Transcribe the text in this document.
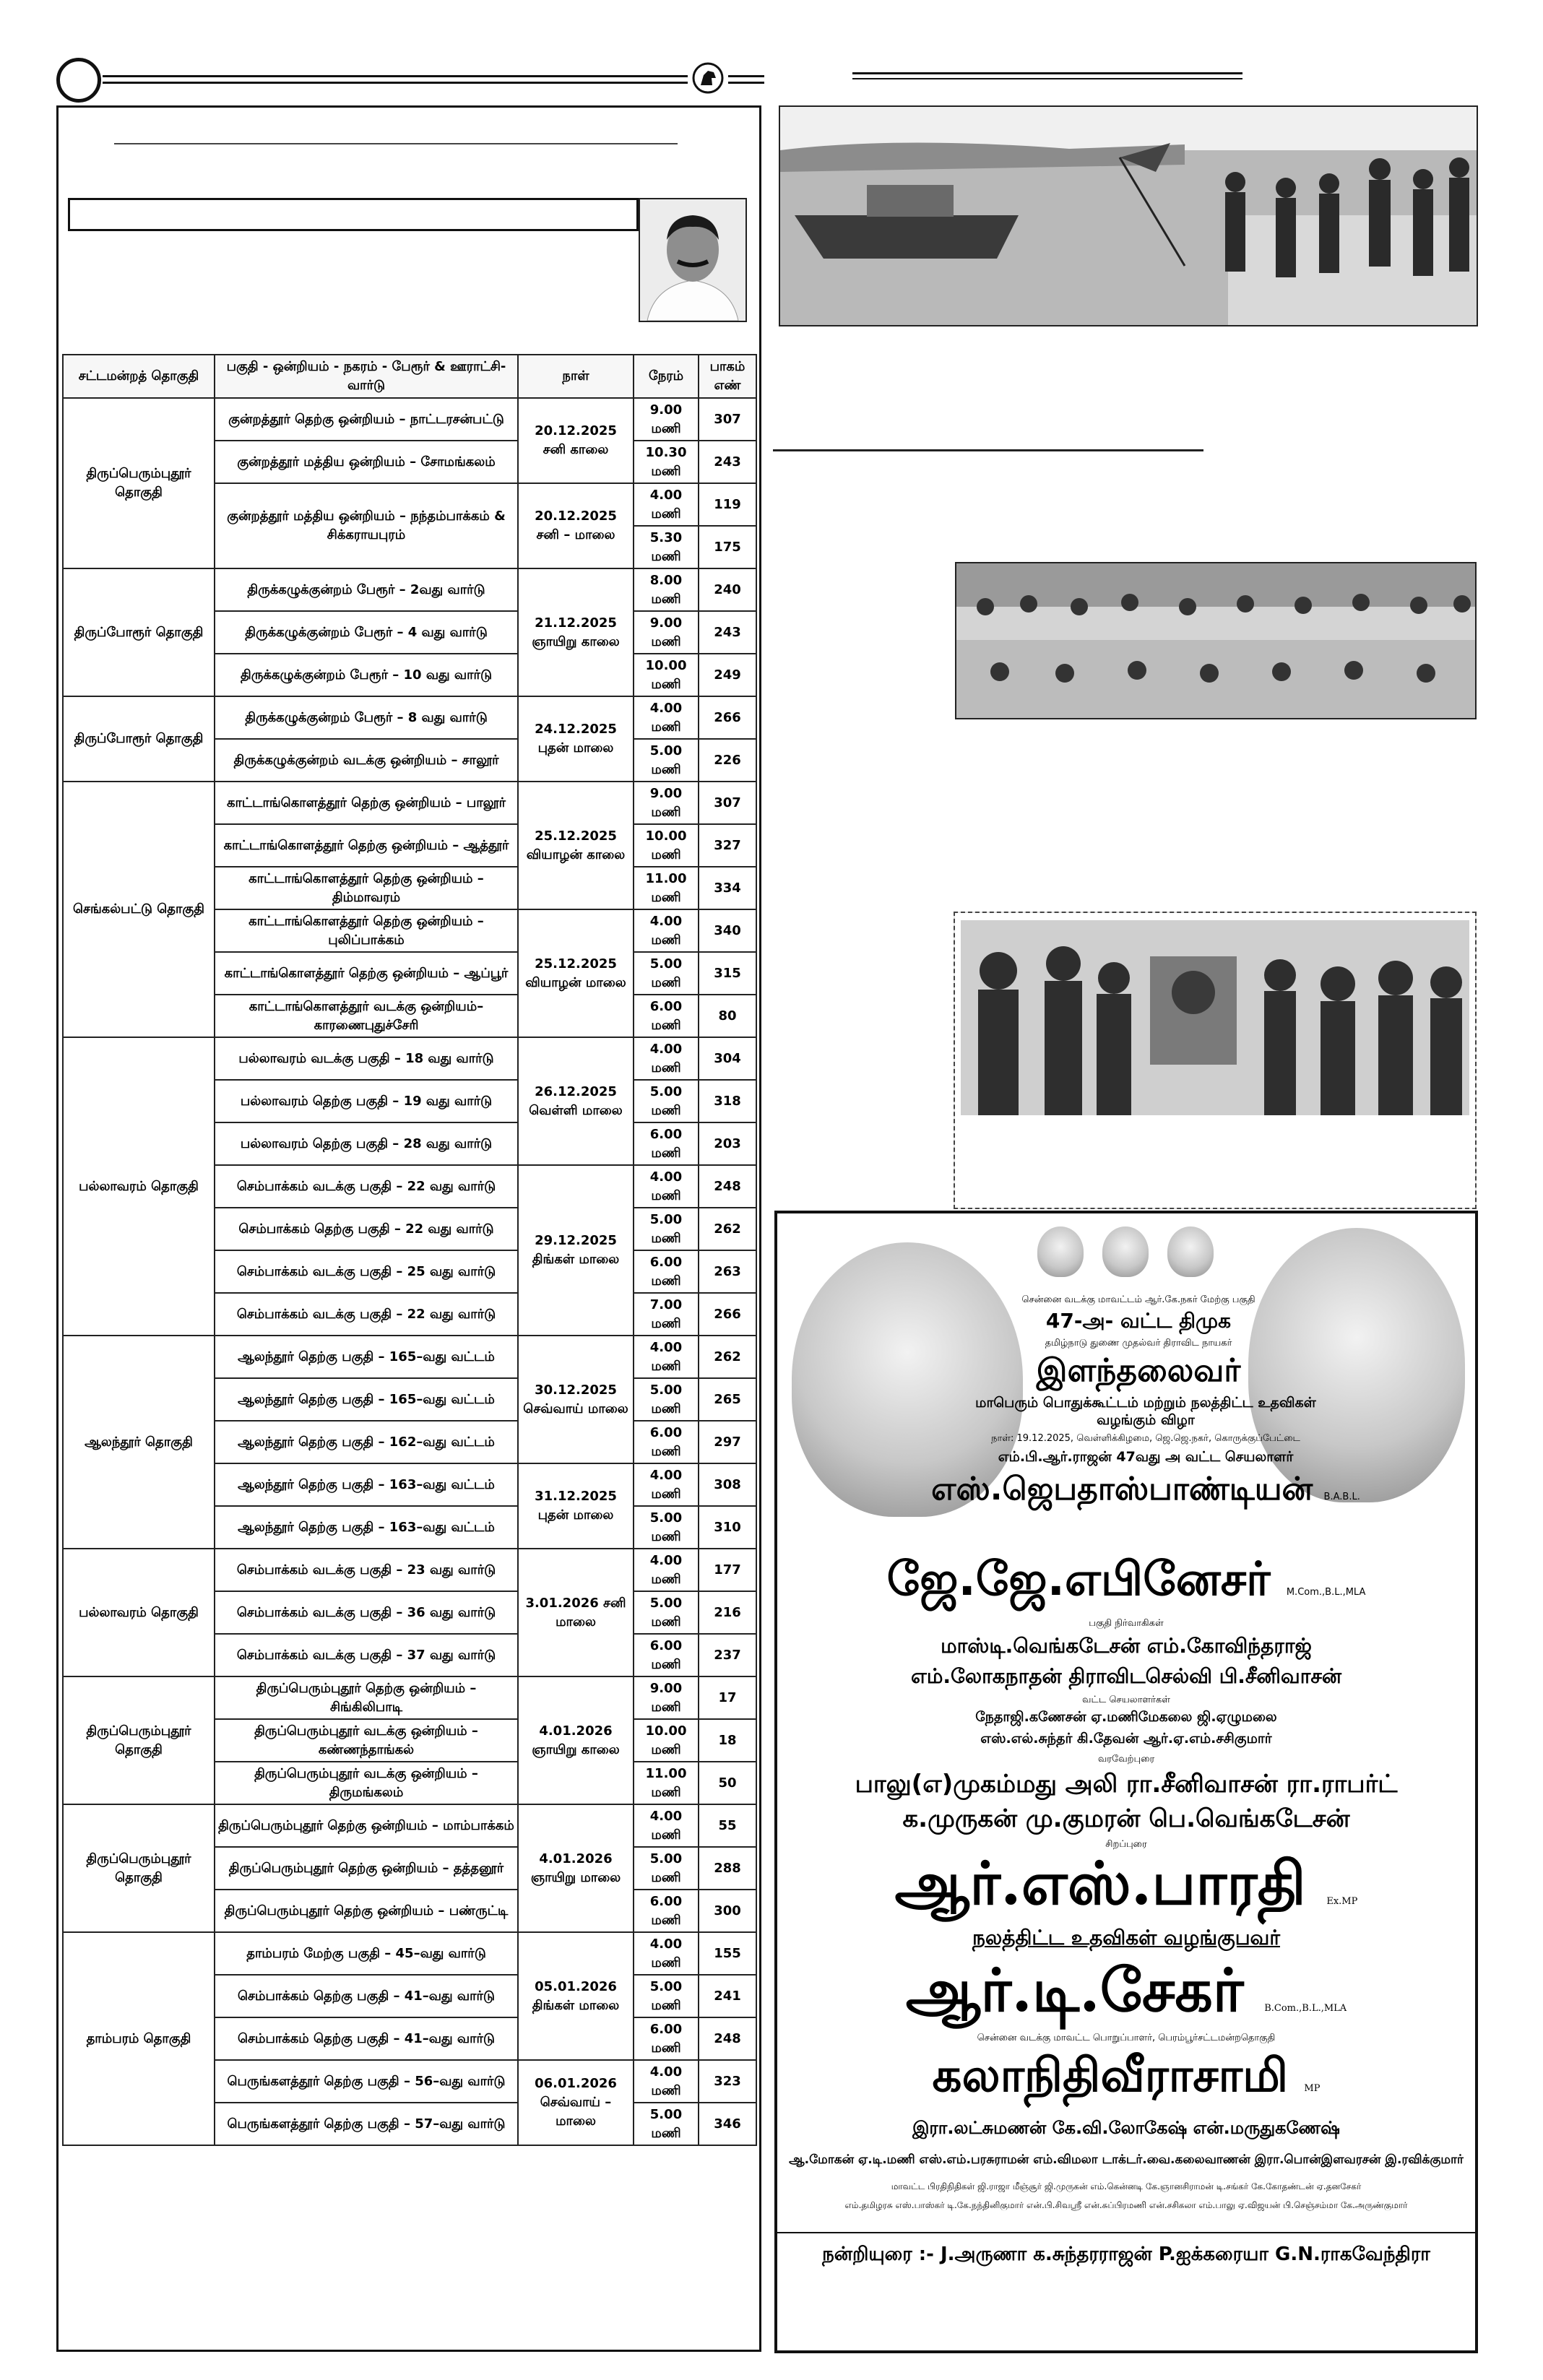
சட்டமன்றத் தொகுதி	பகுதி - ஒன்றியம் - நகரம் - பேரூர் & ஊராட்சி-வார்டு	நாள்	நேரம்	பாகம் எண்
திருப்பெரும்புதூர் தொகுதி	குன்றத்தூர் தெற்கு ஒன்றியம் – நாட்டரசன்பட்டு	20.12.2025 சனி காலை	9.00 மணி	307
	குன்றத்தூர் மத்திய ஒன்றியம் – சோமங்கலம்		10.30 மணி	243
	குன்றத்தூர் மத்திய ஒன்றியம் – நந்தம்பாக்கம் & சிக்கராயபுரம்	20.12.2025 சனி – மாலை	4.00 மணி	119
			5.30 மணி	175
திருப்போரூர் தொகுதி	திருக்கழுக்குன்றம் பேரூர் – 2வது வார்டு	21.12.2025 ஞாயிறு காலை	8.00 மணி	240
	திருக்கழுக்குன்றம் பேரூர் – 4 வது வார்டு		9.00 மணி	243
	திருக்கழுக்குன்றம் பேரூர் – 10 வது வார்டு		10.00 மணி	249
திருப்போரூர் தொகுதி	திருக்கழுக்குன்றம் பேரூர் – 8 வது வார்டு	24.12.2025 புதன் மாலை	4.00 மணி	266
	திருக்கழுக்குன்றம் வடக்கு ஒன்றியம் – சாலூர்		5.00 மணி	226
செங்கல்பட்டு தொகுதி	காட்டாங்கொளத்தூர் தெற்கு ஒன்றியம் – பாலூர்	25.12.2025 வியாழன் காலை	9.00 மணி	307
	காட்டாங்கொளத்தூர் தெற்கு ஒன்றியம் – ஆத்தூர்		10.00 மணி	327
	காட்டாங்கொளத்தூர் தெற்கு ஒன்றியம் – திம்மாவரம்		11.00 மணி	334
	காட்டாங்கொளத்தூர் தெற்கு ஒன்றியம் – புலிப்பாக்கம்	25.12.2025 வியாழன் மாலை	4.00 மணி	340
	காட்டாங்கொளத்தூர் தெற்கு ஒன்றியம் – ஆப்பூர்		5.00 மணி	315
	காட்டாங்கொளத்தூர் வடக்கு ஒன்றியம்– காரணைபுதுச்சேரி		6.00 மணி	80
பல்லாவரம் தொகுதி	பல்லாவரம் வடக்கு பகுதி – 18 வது வார்டு	26.12.2025 வெள்ளி மாலை	4.00 மணி	304
	பல்லாவரம் தெற்கு பகுதி – 19 வது வார்டு		5.00 மணி	318
	பல்லாவரம் தெற்கு பகுதி – 28 வது வார்டு		6.00 மணி	203
	செம்பாக்கம் வடக்கு பகுதி – 22 வது வார்டு	29.12.2025 திங்கள் மாலை	4.00 மணி	248
	செம்பாக்கம் தெற்கு பகுதி – 22 வது வார்டு		5.00 மணி	262
	செம்பாக்கம் வடக்கு பகுதி – 25 வது வார்டு		6.00 மணி	263
	செம்பாக்கம் வடக்கு பகுதி – 22 வது வார்டு		7.00 மணி	266
ஆலந்தூர் தொகுதி	ஆலந்தூர் தெற்கு பகுதி – 165–வது வட்டம்	30.12.2025 செவ்வாய் மாலை	4.00 மணி	262
	ஆலந்தூர் தெற்கு பகுதி – 165–வது வட்டம்		5.00 மணி	265
	ஆலந்தூர் தெற்கு பகுதி – 162–வது வட்டம்		6.00 மணி	297
	ஆலந்தூர் தெற்கு பகுதி – 163–வது வட்டம்	31.12.2025 புதன் மாலை	4.00 மணி	308
	ஆலந்தூர் தெற்கு பகுதி – 163–வது வட்டம்		5.00 மணி	310
பல்லாவரம் தொகுதி	செம்பாக்கம் வடக்கு பகுதி – 23 வது வார்டு	3.01.2026 சனி மாலை	4.00 மணி	177
	செம்பாக்கம் வடக்கு பகுதி – 36 வது வார்டு		5.00 மணி	216
	செம்பாக்கம் வடக்கு பகுதி – 37 வது வார்டு		6.00 மணி	237
திருப்பெரும்புதூர் தொகுதி	திருப்பெரும்புதூர் தெற்கு ஒன்றியம் – சிங்கிலிபாடி	4.01.2026 ஞாயிறு காலை	9.00 மணி	17
	திருப்பெரும்புதூர் வடக்கு ஒன்றியம் – கண்ணந்தாங்கல்		10.00 மணி	18
	திருப்பெரும்புதூர் வடக்கு ஒன்றியம் – திருமங்கலம்		11.00 மணி	50
திருப்பெரும்புதூர் தொகுதி	திருப்பெரும்புதூர் தெற்கு ஒன்றியம் – மாம்பாக்கம்	4.01.2026 ஞாயிறு மாலை	4.00 மணி	55
	திருப்பெரும்புதூர் தெற்கு ஒன்றியம் – தத்தனூர்		5.00 மணி	288
	திருப்பெரும்புதூர் தெற்கு ஒன்றியம் – பண்ருட்டி		6.00 மணி	300
தாம்பரம் தொகுதி	தாம்பரம் மேற்கு பகுதி – 45–வது வார்டு	05.01.2026 திங்கள் மாலை	4.00 மணி	155
	செம்பாக்கம் தெற்கு பகுதி – 41–வது வார்டு		5.00 மணி	241
	செம்பாக்கம் தெற்கு பகுதி – 41–வது வார்டு		6.00 மணி	248
	பெருங்களத்தூர் தெற்கு பகுதி – 56–வது வார்டு	06.01.2026 செவ்வாய் – மாலை	4.00 மணி	323
	பெருங்களத்தூர் தெற்கு பகுதி – 57–வது வார்டு		5.00 மணி	346
சென்னை வடக்கு மாவட்டம் ஆர்.கே.நகர் மேற்கு பகுதி
47-அ- வட்ட திமுக
தமிழ்நாடு துணை முதல்வர் திராவிட நாயகர்
இளந்தலைவர்
மாபெரும் பொதுக்கூட்டம் மற்றும் நலத்திட்ட உதவிகள் வழங்கும் விழா
நாள்: 19.12.2025, வெள்ளிக்கிழமை, ஜெ.ஜெ.நகர், கொருக்குப்பேட்டை
எம்.பி.ஆர்.ராஜன் 47வது அ வட்ட செயலாளர்
எஸ்.ஜெபதாஸ்பாண்டியன் B.A.B.L.
ஜே.ஜே.எபினேசர் M.Com.,B.L.,MLA
பகுதி நிர்வாகிகள்
மாஸ்டி.வெங்கடேசன் எம்.கோவிந்தராஜ்
எம்.லோகநாதன் திராவிடசெல்வி பி.சீனிவாசன்
வட்ட செயலாளர்கள்
நேதாஜி.கணேசன் ஏ.மணிமேகலை ஜி.ஏழுமலை
எஸ்.எல்.சுந்தர் கி.தேவன் ஆர்.ஏ.எம்.சசிகுமார்
வரவேற்புரை
பாலு(எ)முகம்மது அலி ரா.சீனிவாசன் ரா.ராபர்ட்
க.முருகன் மு.குமரன் பெ.வெங்கடேசன்
சிறப்புரை
ஆர்.எஸ்.பாரதி Ex.MP
நலத்திட்ட உதவிகள் வழங்குபவர்
ஆர்.டி.சேகர் B.Com.,B.L.,MLA
சென்னை வடக்கு மாவட்ட பொறுப்பாளர், பெரம்பூர்சட்டமன்றதொகுதி
கலாநிதிவீராசாமி MP
இரா.லட்சுமணன் கே.வி.லோகேஷ் என்.மருதுகணேஷ்
ஆ.மோகன் ஏ.டி.மணி எஸ்.எம்.பரசுராமன் எம்.விமலா டாக்டர்.வை.கலைவாணன் இரா.பொன்இளவரசன் இ.ரவிக்குமார்
மாவட்ட பிரதிநிதிகள் ஜி.ராஜா மீஞ்சூர் ஜி.முருகன் எம்.கென்னடி கே.ஞானசிராமன் டி.சங்கர் கே.கோதண்டன் ஏ.தனசேகர்
எம்.தமிழரசு எஸ்.பாஸ்கர் டி.கே.நந்தினிகுமார் என்.பி.சிவஸ்ரீ என்.சுப்பிரமணி என்.சசிகலா எம்.பாலு ஏ.விஜயன் பி.செஞ்சம்மா கே.அருண்குமார்
நன்றியுரை :- J.அருணா க.சுந்தரராஜன் P.ஐக்கரையா G.N.ராகவேந்திரா
